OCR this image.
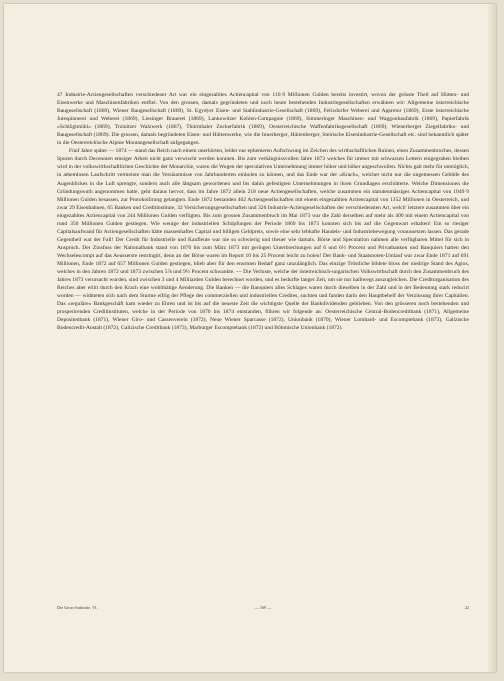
47 Industrie-Actiengesellschaften verschiedener Art war ein eingezahltes Actiencapital von 116·9 Millionen Gulden bereits investirt, wovon der grösste Theil auf Hütten- und Eisenwerke und Maschinenfabriken entfiel. Von den grossen, damals gegründeten und noch heute bestehenden Industriegesellschaften erwähnen wir: Allgemeine österreichische Baugesellschaft (1869), Wiener Baugesellschaft (1869), St. Egydyer Eisen- und Stahlindustrie-Gesellschaft (1869), Felixdorfer Weberei und Appretur (1869), Erste österreichische Jutespinnerei und Weberei (1869), Liesinger Brauerei (1869), Lankowitzer Kohlen-Compagnie (1869), Simmeringer Maschinen- und Waggonbaufabrik (1869), Papierfabrik »Schlöglmühl« (1869), Trzinitzer Walzwerk (1867), Thürmhaler Zuckerfabrik (1869), Oesterreichische Waffenfabriksgesellschaft (1869), Wienerberger Ziegelfabriks- und Baugesellschaft (1869). Die grossen, damals begründeten Eisen- und Hüttenwerke, wie die Innerberger, Hüttenberger, Steirische Eisenindustrie-Gesellschaft etc. sind bekanntlich später in die Oesterreichische Alpine Montangesellschaft aufgegangen.

Fünf Jahre später — 1874 — stand das Reich nach einem unerhörten, leider nur ephemeren Aufschwung im Zeichen des wirthschaftlichen Ruinen, eines Zusammenbruches, dessen Spuren durch Decennien emsiger Arbeit nicht ganz verwischt werden konnten. Bis zum verhängnissvollen Jahre 1873 welches für immer mit schwarzen Lettern eingegraben bleiben wird in der volkswirthschaftlichen Geschichte der Monarchie, waren die Wogen der speculativen Unternehmung immer höher und höher angeschwollen. Nichts galt mehr für unmöglich, in athemlosen Laufschritt vermeinte man die Versäumnisse von Jahrhunderten einholen zu können, und das Ende war der »Krach«, welcher nicht nur die ungemessen Gebilde des Augenblickes in die Luft sprengte, sondern auch alle längsam gewordenen und bis dahin gefestigten Unternehmungen in ihren Grundlagen erschütterte. Welche Dimensionen die Gründungswuth angenommen hatte, geht daraus hervor, dass im Jahre 1872 allein 218 neue Actiengesellschaften, welche zusammen ein statutenmässiges Actiencapital von 1049·9 Millionen Gulden besassen, zur Protokollirung gelangten. Ende 1872 bestanden 462 Actiengesellschaften mit einem eingezahlten Actiencapital von 1352 Millionen in Oesterreich, und zwar 29 Eisenbahnen, 65 Banken und Creditinstitute, 32 Versicherungsgesellschaften und 326 Industrie-Actiengesellschaften der verschiedensten Art, welch' letztere zusammen über ein eingezahltes Actiencapital von 244 Millionen Gulden verfügten. Bis zum grossen Zusammenbruch im Mai 1873 war die Zahl derselben auf mehr als 400 mit einem Actiencapital von rund 350 Millionen Gulden gestiegen. Wie wenige der industriellen Schöpfungen der Periode 1869 bis 1873 konnten sich bis auf die Gegenwart erhalten! Ein so riesiger Capitalsaufwand für Actiengesellschaften hätte massenhaftes Capital und billigen Geldpreis, sowie eine sehr lebhafte Handels- und Industriebewegung voraussetzen lassen. Das gerade Gegentheil war der Fall! Der Credit für Industrielle und Kaufleute war nie so schwierig und theuer wie damals. Börse und Speculation nahmen alle verfügbaren Mittel für sich in Anspruch. Der Zinsfuss der Nationalbank stand von 1870 bis zum März 1873 mit geringen Unterbrechungen auf 6 und 6½ Procent und Privatbanken und Banquiers hatten den Wechselescompt auf das Aeusserste restringirt, denn an der Börse waren im Report 10 bis 25 Procent leicht zu holen! Der Bank- und Staatsnoten-Umlauf war zwar Ende 1871 auf 691 Millionen, Ende 1872 auf 657 Millionen Gulden gestiegen, blieb aber für den enormen Bedarf ganz unzulänglich. Das einzige Tröstliche bildete bloss der niedrige Stand des Agios, welches in den Jahren 1872 und 1873 zwischen 5⅞ und 9½ Procent schwankte. — Die Verluste, welche der österreichisch-ungarischen Volkswirthschaft durch den Zusammenbruch des Jahres 1873 verursacht wurden, sind zwischen 3 und 4 Milliarden Gulden berechnet worden, und es bedurfte langer Zeit, um sie nur halbwegs auszugleichen. Die Creditorganisation des Reiches aber erlitt durch den Krach eine wohlthätige Aenderung. Die Banken — die Banquiers alles Schlages waren durch dieselben in der Zahl und in der Bedeutung stark reducirt worden — widmeten sich nach dem Sturme eifrig der Pflege des commerziellen und industriellen Credites, suchten und fanden darin den Hauptbehelf der Verzinsung ihrer Capitalien. Das »reguläre« Bankgeschäft kam wieder zu Ehren und ist bis auf die neueste Zeit die wichtigste Quelle der Bankdividenden geblieben. Von den grösseren noch bestehenden und prosperirenden Creditinstituten, welche in der Periode von 1870 bis 1874 entstanden, führen wir folgende an: Oesterreichische Central-Bodencreditbank (1871), Allgemeine Depositenbank (1871), Wiener Giro- und Cassenverein (1872), Neue Wiener Sparcasse (1872), Unionbank (1870), Wiener Lombard- und Escomptebank (1873), Galizische Bodencredit-Anstalt (1872), Galizische Creditbank (1873), Marburger Escomptebank (1872) und Böhmische Unionbank (1872).

Die Gross-Industrie. VI.	— 169 —	22
